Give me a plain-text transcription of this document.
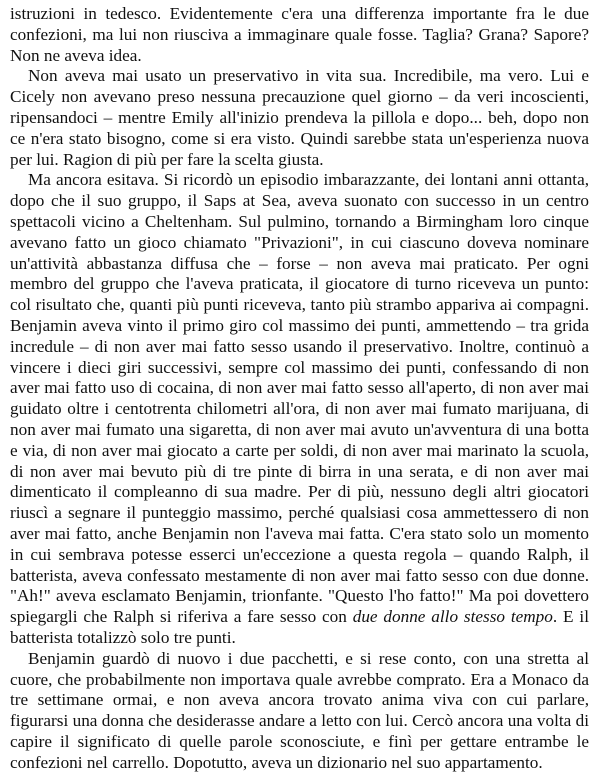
istruzioni in tedesco. Evidentemente c'era una differenza importante fra le due confezioni, ma lui non riusciva a immaginare quale fosse. Taglia? Grana? Sapore? Non ne aveva idea.

Non aveva mai usato un preservativo in vita sua. Incredibile, ma vero. Lui e Cicely non avevano preso nessuna precauzione quel giorno – da veri incoscienti, ripensandoci – mentre Emily all'inizio prendeva la pillola e dopo... beh, dopo non ce n'era stato bisogno, come si era visto. Quindi sarebbe stata un'esperienza nuova per lui. Ragion di più per fare la scelta giusta.

Ma ancora esitava. Si ricordò un episodio imbarazzante, dei lontani anni ottanta, dopo che il suo gruppo, il Saps at Sea, aveva suonato con successo in un centro spettacoli vicino a Cheltenham. Sul pulmino, tornando a Birmingham loro cinque avevano fatto un gioco chiamato "Privazioni", in cui ciascuno doveva nominare un'attività abbastanza diffusa che – forse – non aveva mai praticato. Per ogni membro del gruppo che l'aveva praticata, il giocatore di turno riceveva un punto: col risultato che, quanti più punti riceveva, tanto più strambo appariva ai compagni. Benjamin aveva vinto il primo giro col massimo dei punti, ammettendo – tra grida incredule – di non aver mai fatto sesso usando il preservativo. Inoltre, continuò a vincere i dieci giri successivi, sempre col massimo dei punti, confessando di non aver mai fatto uso di cocaina, di non aver mai fatto sesso all'aperto, di non aver mai guidato oltre i centotrenta chilometri all'ora, di non aver mai fumato marijuana, di non aver mai fumato una sigaretta, di non aver mai avuto un'avventura di una botta e via, di non aver mai giocato a carte per soldi, di non aver mai marinato la scuola, di non aver mai bevuto più di tre pinte di birra in una serata, e di non aver mai dimenticato il compleanno di sua madre. Per di più, nessuno degli altri giocatori riuscì a segnare il punteggio massimo, perché qualsiasi cosa ammettessero di non aver mai fatto, anche Benjamin non l'aveva mai fatta. C'era stato solo un momento in cui sembrava potesse esserci un'eccezione a questa regola – quando Ralph, il batterista, aveva confessato mestamente di non aver mai fatto sesso con due donne. "Ah!" aveva esclamato Benjamin, trionfante. "Questo l'ho fatto!" Ma poi dovettero spiegargli che Ralph si riferiva a fare sesso con due donne allo stesso tempo. E il batterista totalizzò solo tre punti.

Benjamin guardò di nuovo i due pacchetti, e si rese conto, con una stretta al cuore, che probabilmente non importava quale avrebbe comprato. Era a Monaco da tre settimane ormai, e non aveva ancora trovato anima viva con cui parlare, figurarsi una donna che desiderasse andare a letto con lui. Cercò ancora una volta di capire il significato di quelle parole sconosciute, e finì per gettare entrambe le confezioni nel carrello. Dopotutto, aveva un dizionario nel suo appartamento.
